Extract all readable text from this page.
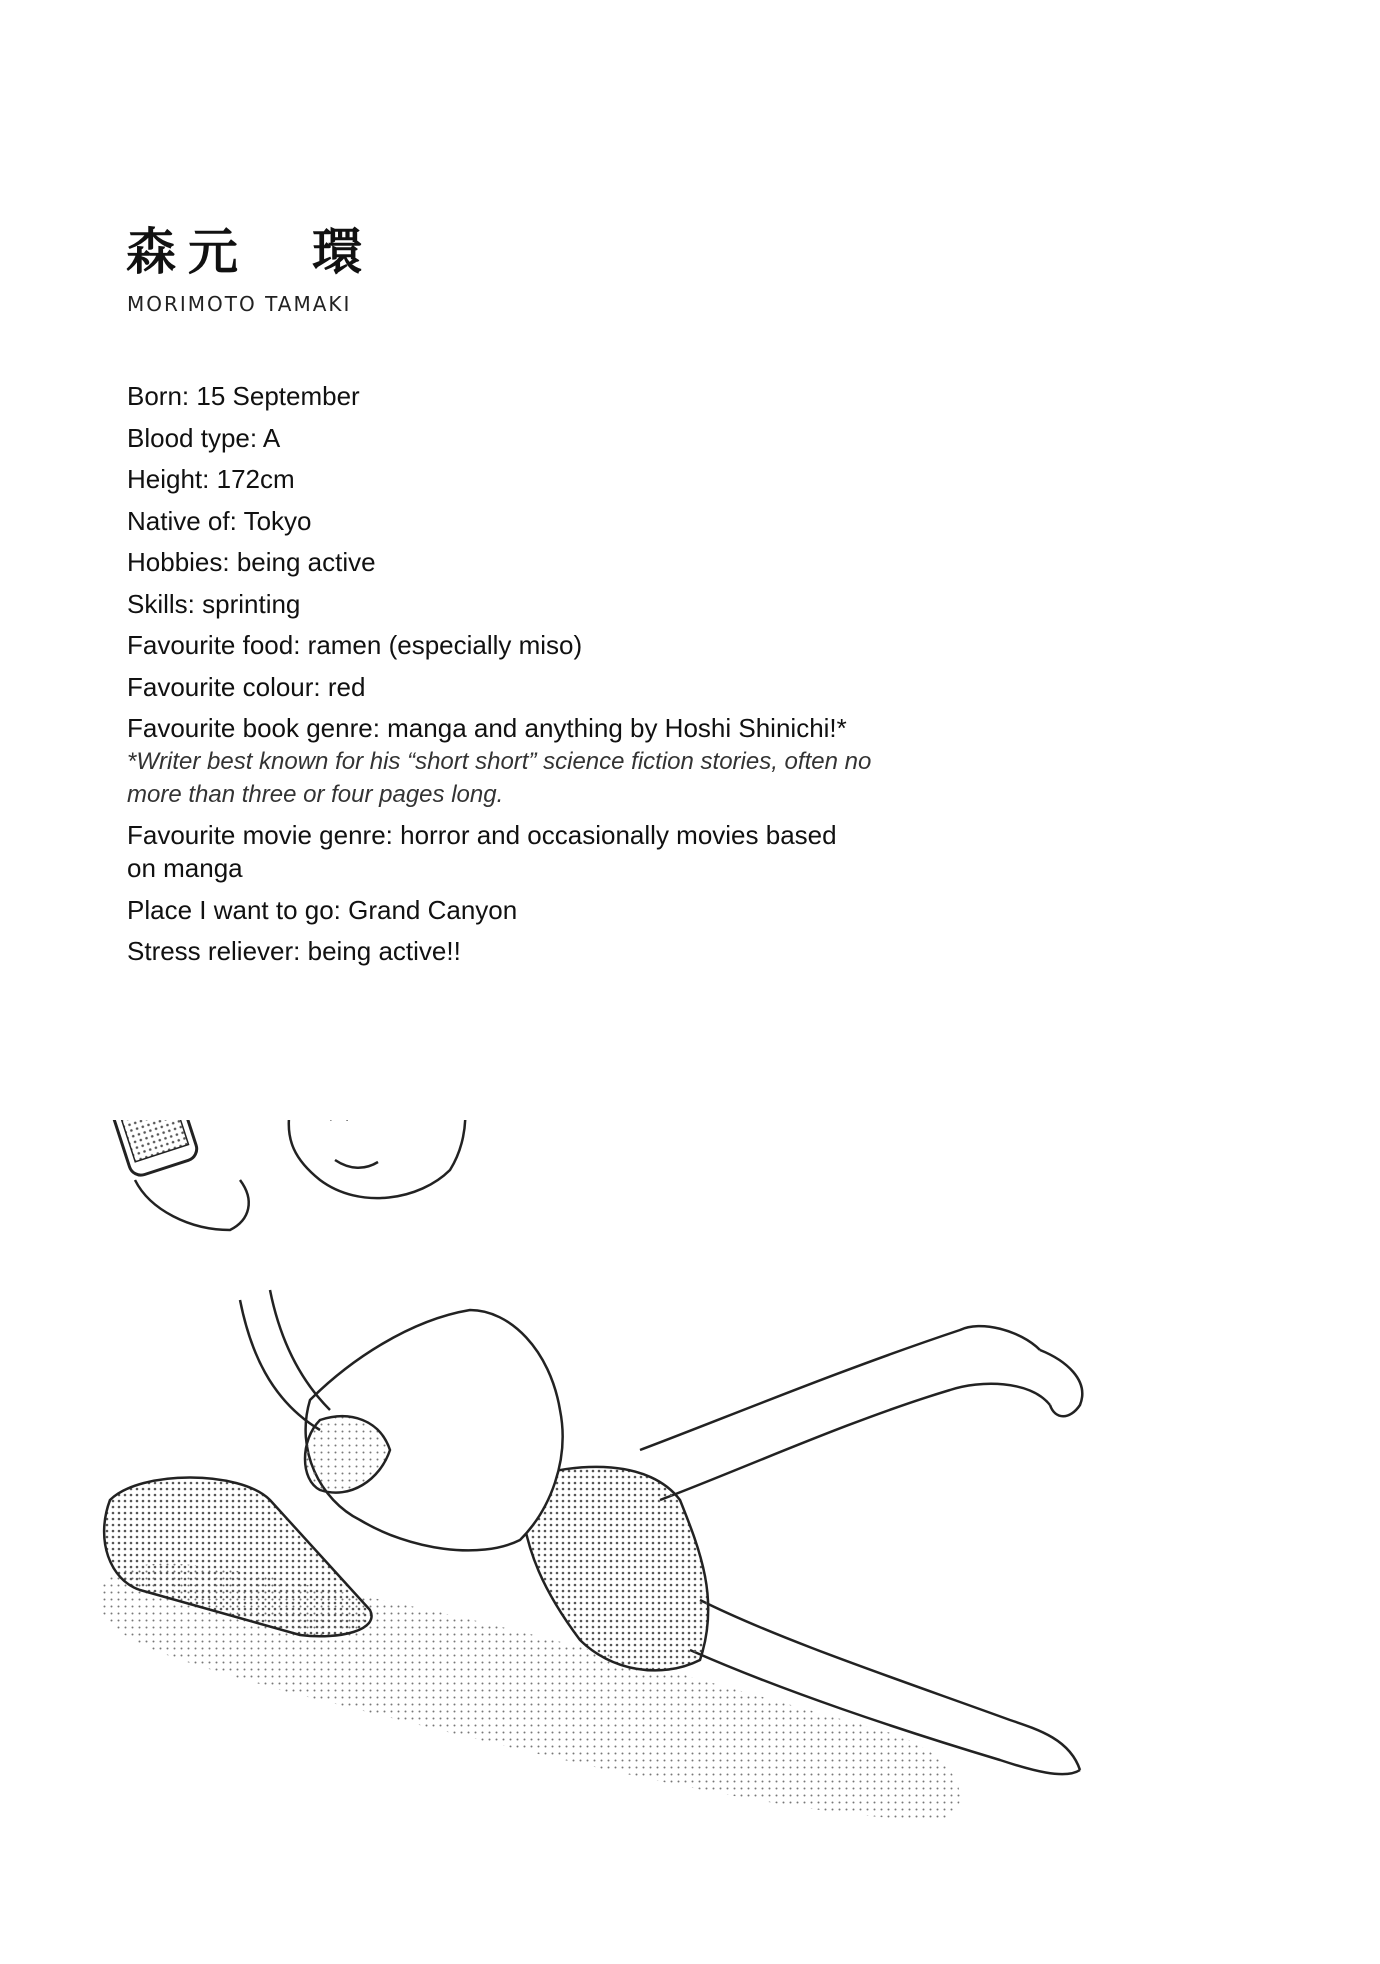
森元　環
MORIMOTO TAMAKI
Born: 15 September
Blood type: A
Height: 172cm
Native of: Tokyo
Hobbies: being active
Skills: sprinting
Favourite food: ramen (especially miso)
Favourite colour: red
Favourite book genre: manga and anything by Hoshi Shinichi!*
*Writer best known for his “short short” science fiction stories, often no more than three or four pages long.
Favourite movie genre: horror and occasionally movies based on manga
Place I want to go: Grand Canyon
Stress reliever: being active!!
